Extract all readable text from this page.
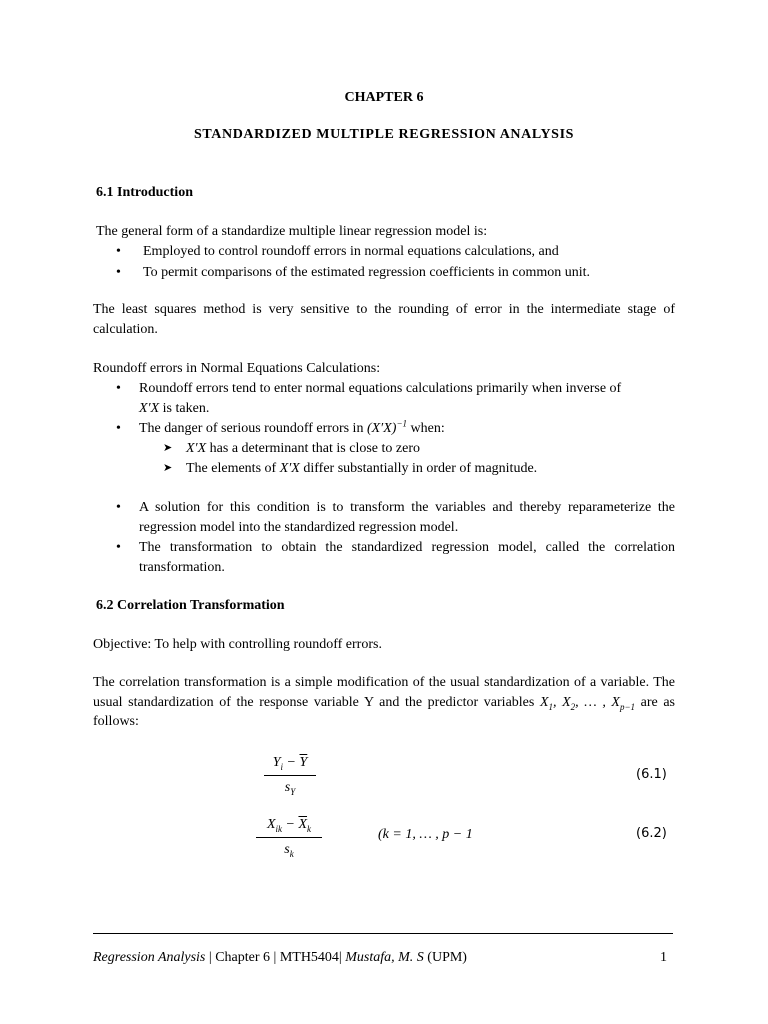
CHAPTER 6
STANDARDIZED MULTIPLE REGRESSION ANALYSIS
6.1 Introduction
The general form of a standardize multiple linear regression model is:
Employed to control roundoff errors in normal equations calculations, and
To permit comparisons of the estimated regression coefficients in common unit.
The least squares method is very sensitive to the rounding of error in the intermediate stage of calculation.
Roundoff errors in Normal Equations Calculations:
Roundoff errors tend to enter normal equations calculations primarily when inverse of
X′X is taken.
The danger of serious roundoff errors in $(X'X)^{-1}$ when:
➤ X′X has a determinant that is close to zero
➤ The elements of X′X differ substantially in order of magnitude.
A solution for this condition is to transform the variables and thereby reparameterize the regression model into the standardized regression model.
The transformation to obtain the standardized regression model, called the correlation transformation.
6.2 Correlation Transformation
Objective: To help with controlling roundoff errors.
The correlation transformation is a simple modification of the usual standardization of a variable. The usual standardization of the response variable Y and the predictor variables $X_1$, $X_2$, … , $X_{p-1}$ are as follows:
$\frac{Y_i - \overline{Y}}{s_Y}$	(6.1)
$X_{ik} - \overline{X}_k$
$s_k$
(k = 1, … , p − 1	(6.2)
Regression Analysis | Chapter 6 | MTH5404| Mustafa, M. S (UPM)	1
